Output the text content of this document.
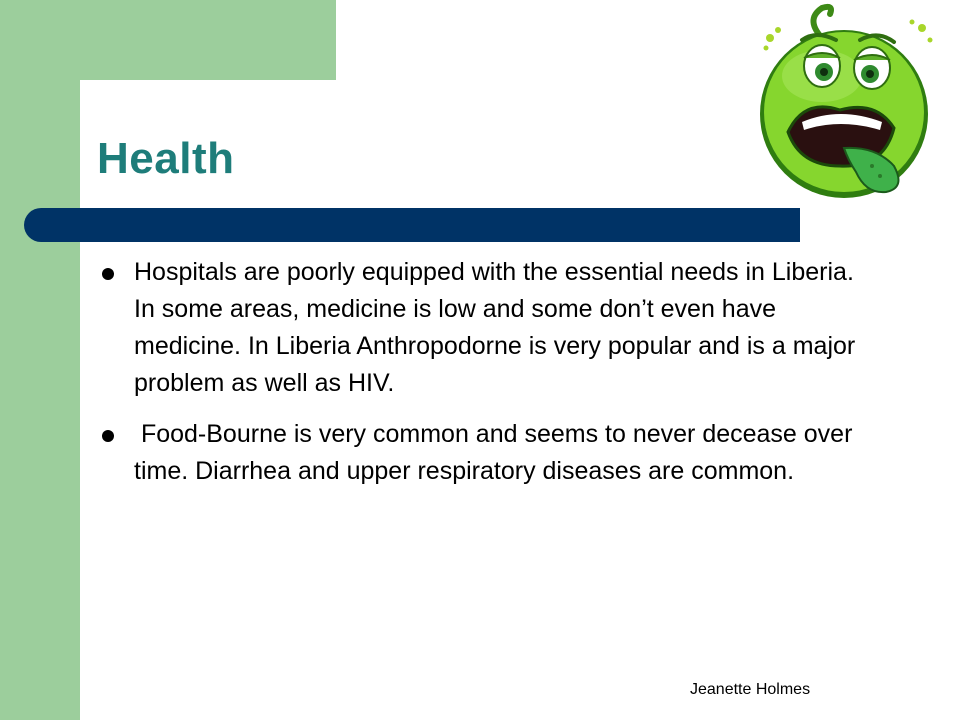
Health
Hospitals are poorly equipped with the essential needs in Liberia. In some areas, medicine is low and some don’t even have medicine. In Liberia Anthropodorne is very popular and is a major problem as well as HIV.
Food-Bourne is very common and seems to never decease over time. Diarrhea and upper respiratory diseases are common.
Jeanette Holmes
